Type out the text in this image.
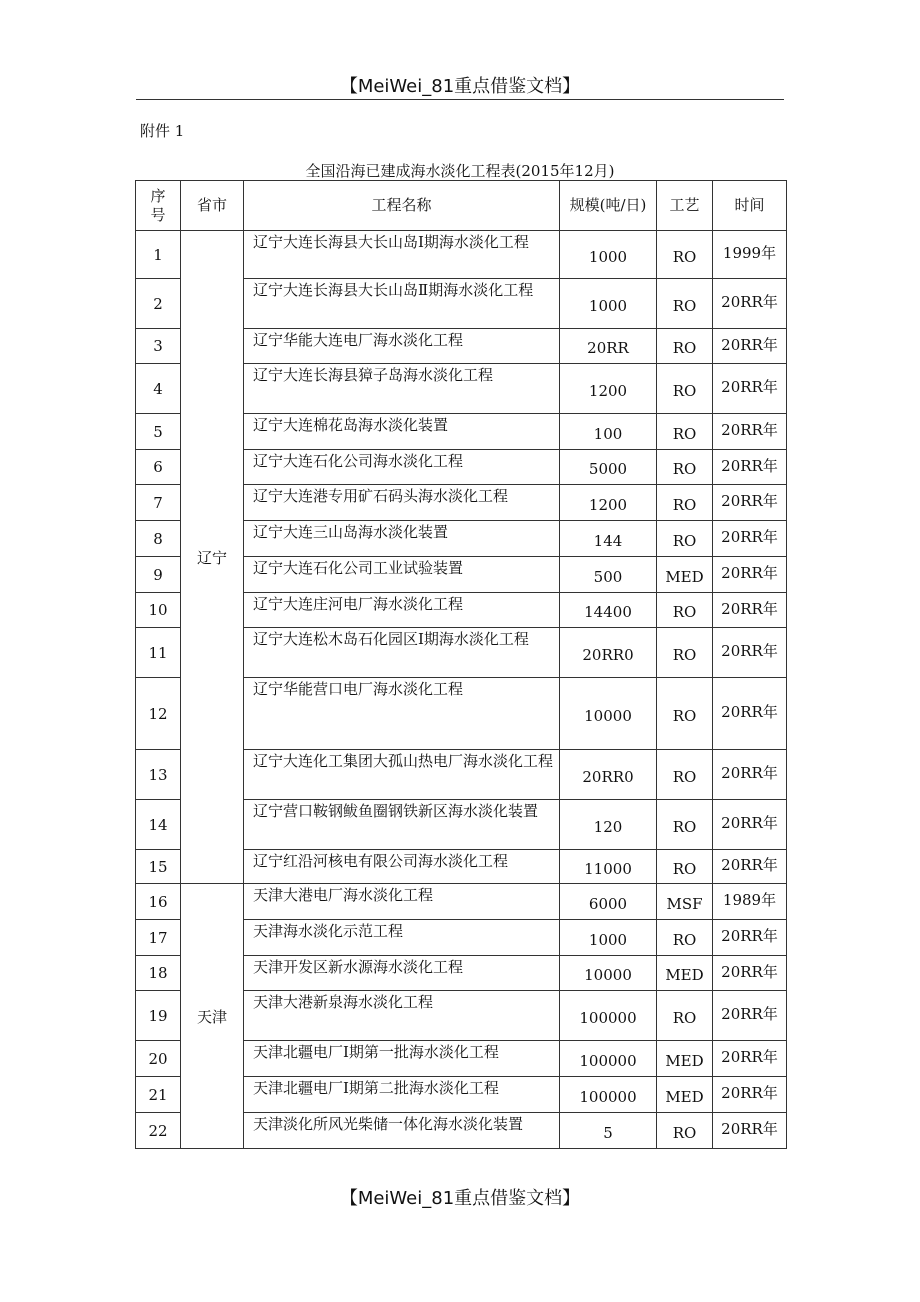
【MeiWei_81重点借鉴文档】
附件 1
全国沿海已建成海水淡化工程表(2015年12月)
序号	省市	工程名称	规模(吨/日)	工艺	时间
1	辽宁	辽宁大连长海县大长山岛Ⅰ期海水淡化工程	1000	RO	1999年
2		辽宁大连长海县大长山岛Ⅱ期海水淡化工程	1000	RO	20RR年
3		辽宁华能大连电厂海水淡化工程	20RR	RO	20RR年
4		辽宁大连长海县獐子岛海水淡化工程	1200	RO	20RR年
5		辽宁大连棉花岛海水淡化装置	100	RO	20RR年
6		辽宁大连石化公司海水淡化工程	5000	RO	20RR年
7		辽宁大连港专用矿石码头海水淡化工程	1200	RO	20RR年
8		辽宁大连三山岛海水淡化装置	144	RO	20RR年
9		辽宁大连石化公司工业试验装置	500	MED	20RR年
10		辽宁大连庄河电厂海水淡化工程	14400	RO	20RR年
11		辽宁大连松木岛石化园区Ⅰ期海水淡化工程	20RR0	RO	20RR年
12		辽宁华能营口电厂海水淡化工程	10000	RO	20RR年
13		辽宁大连化工集团大孤山热电厂海水淡化工程	20RR0	RO	20RR年
14		辽宁营口鞍钢鲅鱼圈钢铁新区海水淡化装置	120	RO	20RR年
15		辽宁红沿河核电有限公司海水淡化工程	11000	RO	20RR年
16	天津	天津大港电厂海水淡化工程	6000	MSF	1989年
17		天津海水淡化示范工程	1000	RO	20RR年
18		天津开发区新水源海水淡化工程	10000	MED	20RR年
19		天津大港新泉海水淡化工程	100000	RO	20RR年
20		天津北疆电厂Ⅰ期第一批海水淡化工程	100000	MED	20RR年
21		天津北疆电厂Ⅰ期第二批海水淡化工程	100000	MED	20RR年
22		天津淡化所风光柴储一体化海水淡化装置	5	RO	20RR年
【MeiWei_81重点借鉴文档】
